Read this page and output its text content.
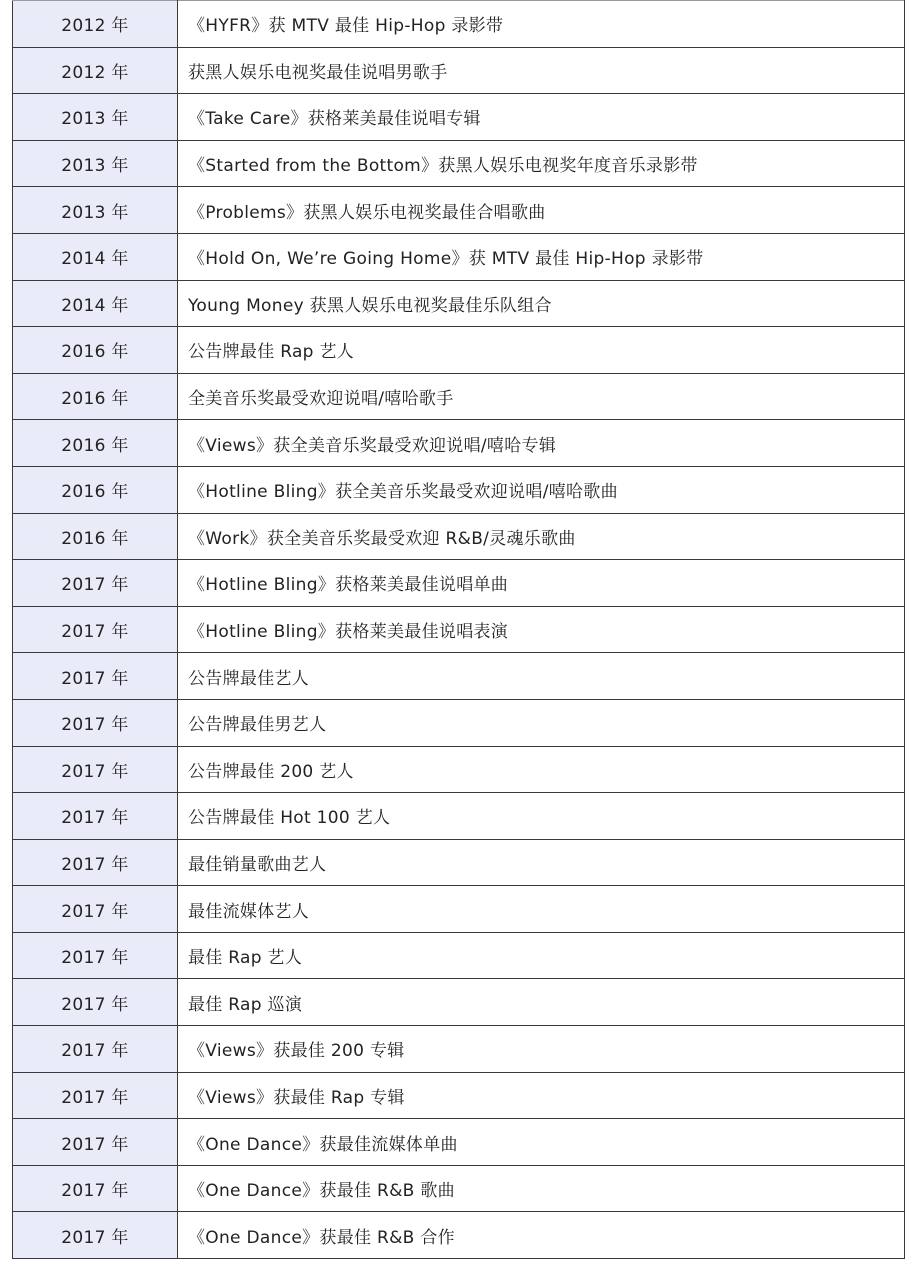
2012 年	《HYFR》获 MTV 最佳 Hip-Hop 录影带
2012 年	获黑人娱乐电视奖最佳说唱男歌手
2013 年	《Take Care》获格莱美最佳说唱专辑
2013 年	《Started from the Bottom》获黑人娱乐电视奖年度音乐录影带
2013 年	《Problems》获黑人娱乐电视奖最佳合唱歌曲
2014 年	《Hold On, We’re Going Home》获 MTV 最佳 Hip-Hop 录影带
2014 年	Young Money 获黑人娱乐电视奖最佳乐队组合
2016 年	公告牌最佳 Rap 艺人
2016 年	全美音乐奖最受欢迎说唱/嘻哈歌手
2016 年	《Views》获全美音乐奖最受欢迎说唱/嘻哈专辑
2016 年	《Hotline Bling》获全美音乐奖最受欢迎说唱/嘻哈歌曲
2016 年	《Work》获全美音乐奖最受欢迎 R&B/灵魂乐歌曲
2017 年	《Hotline Bling》获格莱美最佳说唱单曲
2017 年	《Hotline Bling》获格莱美最佳说唱表演
2017 年	公告牌最佳艺人
2017 年	公告牌最佳男艺人
2017 年	公告牌最佳 200 艺人
2017 年	公告牌最佳 Hot 100 艺人
2017 年	最佳销量歌曲艺人
2017 年	最佳流媒体艺人
2017 年	最佳 Rap 艺人
2017 年	最佳 Rap 巡演
2017 年	《Views》获最佳 200 专辑
2017 年	《Views》获最佳 Rap 专辑
2017 年	《One Dance》获最佳流媒体单曲
2017 年	《One Dance》获最佳 R&B 歌曲
2017 年	《One Dance》获最佳 R&B 合作
